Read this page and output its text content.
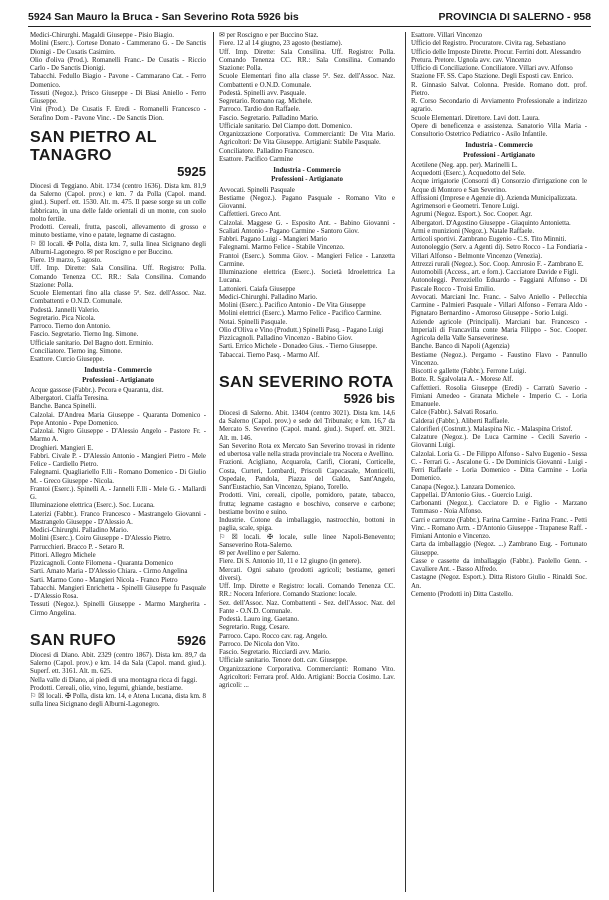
5924 San Mauro la Bruca - San Severino Rota 5926 bis	PROVINCIA DI SALERNO - 958

Medici-Chirurghi. Magaldi Giuseppe - Pisio Biagio.

Molini (Eserc.). Cortese Donato - Cammerano G. - De Sanctis Dionigi - De Cusatis Casimiro.

Olio d'oliva (Prod.). Romanelli Franc.- De Cusatis - Riccio Carlo - De Sanctis Dionigi.

Tabacchi. Fedullo Biagio - Pavone - Cammarano Cat. - Ferro Domenico.

Tessuti (Negoz.). Prisco Giuseppe - Di Biasi Aniello - Ferro Giuseppe.

Vini (Prod.). De Cusatis F. Eredi - Romanelli Francesco - Serafino Dom - Pavone Vinc. - De Sanctis Dion.

SAN PIETRO AL TANAGRO
5925

Diocesi di Teggiano. Abit. 1734 (centro 1636). Dista km. 81,9 da Salerno (Capol. prov.) e km. 7 da Polla (Capol. mand. giud.). Superf. ett. 1530. Alt. m. 475. Il paese sorge su un colle fabbricato, in una delle falde orientali di un monte, con suolo molto fertile.

Prodotti. Cereali, frutta, pascoli, allevamento di grosso e minuto bestiame, vino e patate, legname di castagno.

⚐ ☒ locali. ✠ Polla, dista km. 7, sulla linea Sicignano degli Alburni-Lagonegro. ✉ per Roscigno e per Buccino.

Fiere. 19 marzo, 5 agosto.

Uff. Imp. Dirette: Sala Consilina. Uff. Registro: Polla. Comando Tenenza CC. RR.: Sala Consilina. Comando Stazione: Polla.

Scuole Elementari fino alla classe 5ª. Sez. dell'Assoc. Naz. Combattenti e O.N.D. Comunale.

Podestà. Jannelli Valerio.

Segretario. Pica Nicola.

Parroco. Tierno don Antonio.

Fascio. Segretario. Tierno Ing. Simone.

Ufficiale sanitario. Del Bagno dott. Erminio.

Conciliatore. Tierno ing. Simone.

Esattore. Curcio Giuseppe.

Industria - Commercio
Professioni - Artigianato

Acque gassose (Fabbr.). Pecora e Quaranta, dist.

Albergatori. Ciaffa Teresina.

Banche. Banca Spinelli.

Calzolai. D'Andrea Maria Giuseppe - Quaranta Domenico - Pepe Antonio - Pepe Domenico.

Calzolai. Nigro Giuseppe - D'Alessio Angelo - Pastore Fr. - Marmo A.

Droghieri. Mangieri E.

Fabbri. Civale P. - D'Alessio Antonio - Mangieri Pietro - Mele Felice - Cardiello Pietro.

Falegnami. Quagliariello F.lli - Romano Domenico - Di Giulio M. - Greco Giuseppe - Nicola.

Frantoi (Eserc.). Spinelli A. - Jannelli F.lli - Mele G. - Mallardi G.

Illuminazione elettrica (Eserc.). Soc. Lucana.

Laterizi (Fabbr.). Franco Francesco - Mastrangelo Giovanni - Mastrangelo Giuseppe - D'Alessio A.

Medici-Chirurghi. Palladino Mario.

Molini (Eserc.). Coiro Giuseppe - D'Alessio Pietro.

Parrucchieri. Bracco P. - Setaro R.

Pittori. Allegro Michele

Pizzicagnoli. Conte Filomena - Quaranta Domenico

Sarti. Amato Maria - D'Alessio Chiara. - Cirmo Angelina

Sarti. Marmo Cono - Mangieri Nicola - Franco Pietro

Tabacchi. Mangieri Enrichetta - Spinelli Giuseppe fu Pasquale - D'Alessio Rosa.

Tessuti (Negoz.). Spinelli Giuseppe - Marmo Margherita - Cirmo Angelina.

SAN RUFO	5926

Diocesi di Diano. Abit. 2329 (centro 1867). Dista km. 89,7 da Salerno (Capol. prov.) e km. 14 da Sala (Capol. mand. giud.). Superf. ett. 3161. Alt. m. 625.

Nella valle di Diano, ai piedi di una montagna ricca di faggi.

Prodotti. Cereali, olio, vino, legumi, ghiande, bestiame.

⚐ ☒ locali. ✠ Polla, dista km. 14, e Atena Lucana, dista km. 8 sulla linea Sicignano degli Alburni-Lagonegro.

✉ per Roscigno e per Buccino Staz.

Fiere. 12 al 14 giugno, 23 agosto (bestiame).

Uff. Imp. Dirette: Sala Consilina. Uff. Registro: Polla. Comando Tenenza CC. RR.: Sala Consilina. Comando Stazione: Polla.

Scuole Elementari fino alla classe 5ª. Sez. dell'Assoc. Naz. Combattenti e O.N.D. Comunale.

Podestà. Spinelli avv. Pasquale.

Segretario. Romano rag. Michele.

Parroco. Tardio don Raffaele.

Fascio. Segretario. Palladino Mario.

Ufficiale sanitario. Del Ciampo dott. Domenico.

Organizzazione Corporativa. Commercianti: De Vita Mario. Agricoltori: De Vita Giuseppe. Artigiani: Stabile Pasquale.

Conciliatore. Palladino Francesco.

Esattore. Pacifico Carmine

Industria - Commercio
Professioni - Artigianato

Avvocati. Spinelli Pasquale

Bestiame (Negoz.). Pagano Pasquale - Romano Vito e Giovanni.

Caffettieri. Greco Ant.

Calzolai. Maggese G. - Esposito Ant. - Babino Giovanni - Scaliati Antonio - Pagano Carmine - Santoro Giov.

Fabbri. Pagano Luigi - Mangieri Mario

Falegnami. Marmo Felice - Stabile Vincenzo.

Frantoi (Eserc.). Somma Giov. - Mangieri Felice - Lanzetta Carmine.

Illuminazione elettrica (Eserc.). Società Idroelettrica La Lucana.

Lattonieri. Caiafa Giuseppe

Medici-Chirurghi. Palladino Mario.

Molini (Eserc.). Pacifico Antonio - De Vita Giuseppe

Molini elettrici (Eserc.). Marmo Felice - Pacifico Carmine.

Notai. Spinelli Pasquale.

Olio d'Oliva e Vino (Produtt.) Spinelli Pasq. - Pagano Luigi

Pizzicagnoli. Palladino Vincenzo - Babino Giov.

Sarti. Errico Michele - Donadeo Gius. - Tierno Giuseppe.

Tabaccai. Tierno Pasq. - Marmo Alf.

SAN SEVERINO ROTA
5926 bis

Diocesi di Salerno. Abit. 13404 (centro 3021). Dista km. 14,6 da Salerno (Capol. prov.) e sede del Tribunale; e km. 16,7 da Mercato S. Severino (Capol. mand. giud.). Superf. ett. 3021. Alt. m. 146.

San Severino Rota ex Mercato San Severino trovasi in ridente ed ubertosa valle nella strada provinciale tra Nocera e Avellino.

Frazioni. Acigliano, Acquarola, Carifi, Ciorani, Corticelle, Costa, Curteri, Lombardi, Priscoli Capocasale, Monticelli, Ospedale, Pandola, Piazza del Galdo, Sant'Angelo, Sant'Eustachio, San Vincenzo, Spiano, Torello.

Prodotti. Vini, cereali, cipolle, pomidoro, patate, tabacco, frutta; legname castagno e boschivo, conserve e carbone; bestiame bovino e suino.

Industrie. Cotone da imballaggio, nastrocchio, bottoni in paglia, scale, spiga.

⚐ ☒ locali. ✠ locale, sulle linee Napoli-Benevento; Sanseverino Rota-Salerno.

✉ per Avellino e per Salerno.

Fiere. Di S. Antonio 10, 11 e 12 giugno (in genere).

Mercati. Ogni sabato (prodotti agricoli; bestiame, generi diversi).

Uff. Imp. Dirette e Registro: locali. Comando Tenenza CC. RR.: Nocera Inferiore. Comando Stazione: locale.

Sez. dell'Assoc. Naz. Combattenti - Sez. dell'Assoc. Naz. del Fante - O.N.D. Comunale.

Podestà. Lauro ing. Gaetano.

Segretario. Rugg. Cesare.

Parroco. Capo. Rocco cav. rag. Angelo.

Parroco. De Nicola don Vito.

Fascio. Segretario. Ricciardi avv. Mario.

Ufficiale sanitario. Tenore dott. cav. Giuseppe.

Organizzazione Corporativa. Commercianti: Romano Vito. Agricoltori: Ferrara prof. Aldo. Artigiani: Boccia Cosimo. Lav. agricoli: ...

Esattore. Villari Vincenzo

Ufficio del Registro. Procuratore. Civita rag. Sebastiano

Ufficio delle Imposte Dirette. Procur. Ferrini dott. Alessandro

Pretura. Pretore. Ugnola avv. cav. Vincenzo

Ufficio di Conciliazione. Conciliatore. Villari avv. Alfonso

Stazione FF. SS. Capo Stazione. Degli Esposti cav. Enrico.

R. Ginnasio Salvat. Colonna. Preside. Romano dott. prof. Pietro.

R. Corso Secondario di Avviamento Professionale a indirizzo agrario.

Scuole Elementari. Direttore. Lavi dott. Laura.

Opere di beneficenza e assistenza. Sanatorio Villa Maria - Consultorio Ostetrico Pediatrico - Asilo Infantile.

Industria - Commercio
Professioni - Artigianato

Acetilene (Neg. app. per). Marinelli L.

Acquedotti (Eserc.). Acquedotto del Sele.

Acque irrigatorie (Consorzi di) Consorzio d'irrigazione con le Acque di Montoro e San Severino.

Affissioni (Imprese e Agenzie di). Azienda Municipalizzata.

Agrimensori e Geometri. Tenore Luigi.

Agrumi (Negoz. Esport.). Soc. Cooper. Agr.

Albergatori. D'Agostino Giuseppe - Giaquinto Antonietta.

Armi e munizioni (Negoz.). Natale Raffaele.

Articoli sportivi. Zambrano Eugenio - C.S. Tito Minniti.

Autonoleggio (Serv. a Agenti di). Setro Rocco - La Fondiaria - Villari Alfonso - Belmonte Vincenzo (Venezia).

Attrezzi rurali (Negoz.). Soc. Coop. Amrosio F. - Zambrano E.

Automobili (Access., art. e forn.). Cacciatore Davide e Figli.

Autonoleggi. Perozziello Eduardo - Faggiani Alfonso - Di Pascale Rocco - Troisi Emilio.

Avvocati. Marciani Inc. Franc. - Salvo Aniello - Pellecchia Carmine - Palmieri Pasquale - Villari Alfonso - Ferrara Aldo - Pignataro Bernardino - Amoroso Giuseppe - Sorio Luigi.

Aziende agricole (Principali). Marciani bar. Francesco - Imperiali di Francavilla conte Maria Filippo - Soc. Cooper. Agricola della Valle Sanseverinese.

Banche. Banco di Napoli (Agenzia)

Bestiame (Negoz.). Pergamo - Faustino Flavo - Pannullo Vincenzo.

Biscotti e gallette (Fabbr.). Ferrone Luigi.

Botte. R. Sgalvolata A. - Morese Alf.

Caffettieri. Rosolia Giuseppe (Eredi) - Carratù Saverio - Fimiani Amedeo - Granata Michele - Imperio C. - Loria Emanuele.

Calce (Fabbr.). Salvati Rosario.

Calderai (Fabbr.). Aliberti Raffaele.

Calorifieri (Costrutt.). Malaspina Nic. - Malaspina Cristof.

Calzature (Negoz.). De Luca Carmine - Cecili Saverio - Giovanni Luigi.

Calzolai. Loria G. - De Filippo Alfonso - Salvo Eugenio - Sessa C. - Ferrari G. - Ascalone G. - De Dominicis Giovanni - Luigi - Ferri Raffaele - Loria Domenico - Ditta Carmine - Loria Domenico.

Canapa (Negoz.). Lanzara Domenico.

Cappellai. D'Antonio Gius. - Guercio Luigi.

Carbonanti (Negoz.). Cacciatore D. e Figlio - Marzano Tommaso - Noia Alfonso.

Carri e carrozze (Fabbr.). Farina Carmine - Farina Franc. - Petti Vinc. - Romano Arm. - D'Antonio Giuseppe - Trapanese Raff. - Fimiani Antonio e Vincenzo.

Carta da imballaggio (Negoz. ...) Zambrano Eug. - Fortunato Giuseppe.

Casse e cassette da imballaggio (Fabbr.). Paolello Genn. - Cavaliere Ant. - Basso Alfredo.

Castagne (Negoz. Esport.). Ditta Ristoro Giulio - Rinaldi Soc. An.

Cemento (Prodotti in) Ditta Castello.
